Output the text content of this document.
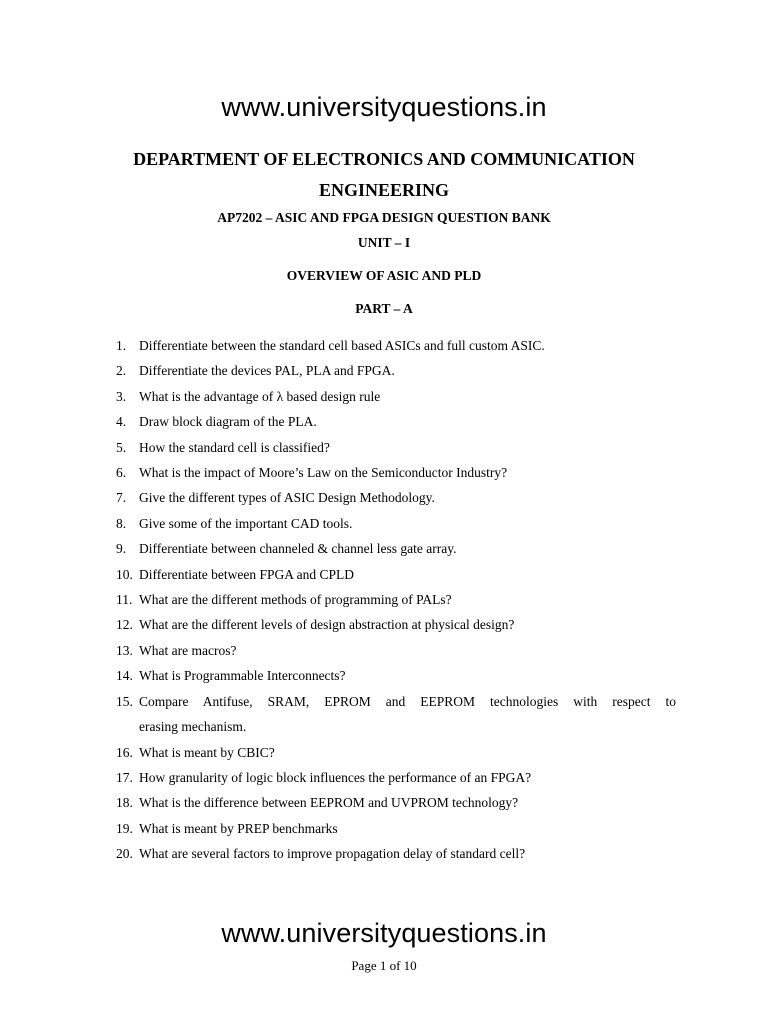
www.universityquestions.in
DEPARTMENT OF ELECTRONICS AND COMMUNICATION
ENGINEERING
AP7202 – ASIC AND FPGA DESIGN QUESTION BANK
UNIT – I
OVERVIEW OF ASIC AND PLD
PART – A
1. Differentiate between the standard cell based ASICs and full custom ASIC.
2. Differentiate the devices PAL, PLA and FPGA.
3. What is the advantage of λ based design rule
4. Draw block diagram of the PLA.
5. How the standard cell is classified?
6. What is the impact of Moore’s Law on the Semiconductor Industry?
7. Give the different types of ASIC Design Methodology.
8. Give some of the important CAD tools.
9. Differentiate between channeled & channel less gate array.
10. Differentiate between FPGA and CPLD
11. What are the different methods of programming of PALs?
12. What are the different levels of design abstraction at physical design?
13. What are macros?
14. What is Programmable Interconnects?
15. Compare Antifuse, SRAM, EPROM and EEPROM technologies with respect to
erasing mechanism.
16. What is meant by CBIC?
17. How granularity of logic block influences the performance of an FPGA?
18. What is the difference between EEPROM and UVPROM technology?
19. What is meant by PREP benchmarks
20. What are several factors to improve propagation delay of standard cell?
www.universityquestions.in
Page 1 of 10
